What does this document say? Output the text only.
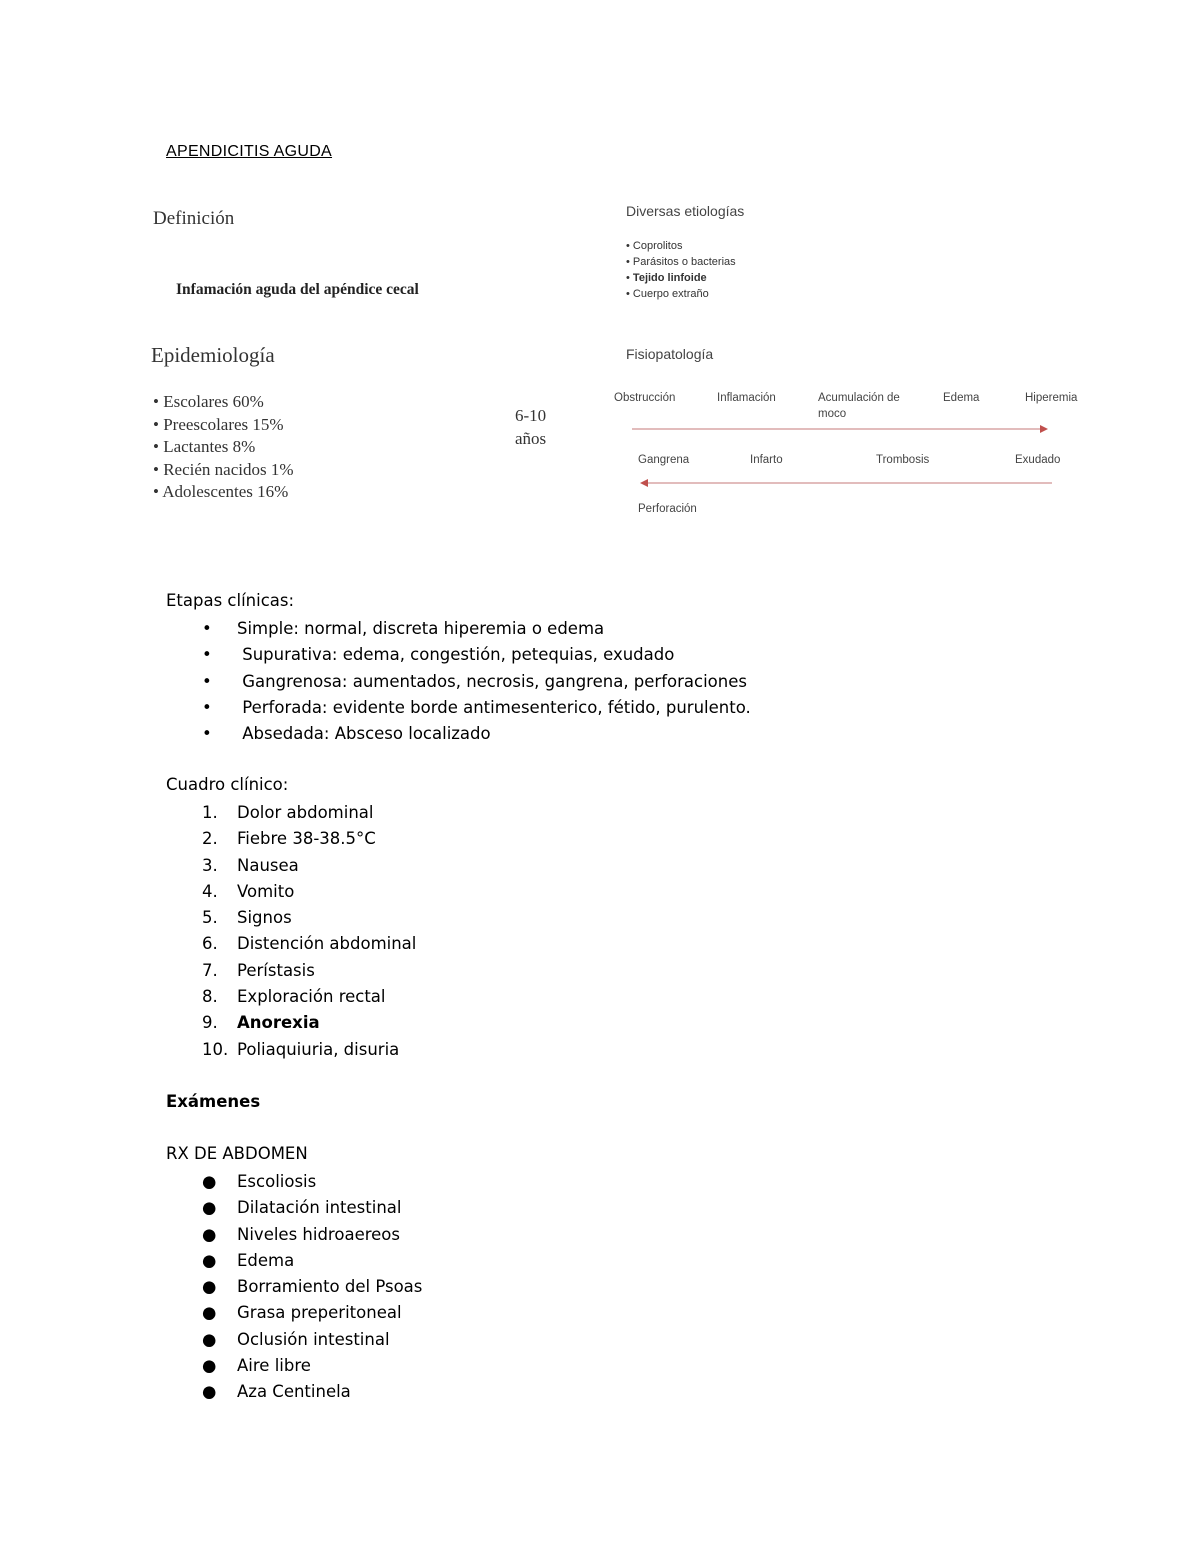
APENDICITIS AGUDA
Definición
Infamación aguda del apéndice cecal
Diversas etiologías
• Coprolitos
• Parásitos o bacterias
• Tejido linfoide
• Cuerpo extraño
Epidemiología
• Escolares 60%
• Preescolares 15%
• Lactantes 8%
• Recién nacidos 1%
• Adolescentes 16%
6-10 años
Fisiopatología
Obstrucción	Inflamación	Acumulación de moco
Edema	Hiperemia
Gangrena	Infarto	Trombosis	Exudado
Perforación
Etapas clínicas:
•	Simple: normal, discreta hiperemia o edema
•	Supurativa: edema, congestión, petequias, exudado
•	Gangrenosa: aumentados, necrosis, gangrena, perforaciones
•	Perforada: evidente borde antimesenterico, fétido, purulento.
•	Absedada: Absceso localizado
Cuadro clínico:
1.	Dolor abdominal
2.	Fiebre 38-38.5°C
3.	Nausea
4.	Vomito
5.	Signos
6.	Distención abdominal
7.	Perístasis
8.	Exploración rectal
9.	Anorexia
10. Poliaquiuria, disuria
Exámenes
RX DE ABDOMEN
●	Escoliosis
●	Dilatación intestinal
●	Niveles hidroaereos
●	Edema
●	Borramiento del Psoas
●	Grasa preperitoneal
●	Oclusión intestinal
●	Aire libre
●	Aza Centinela
